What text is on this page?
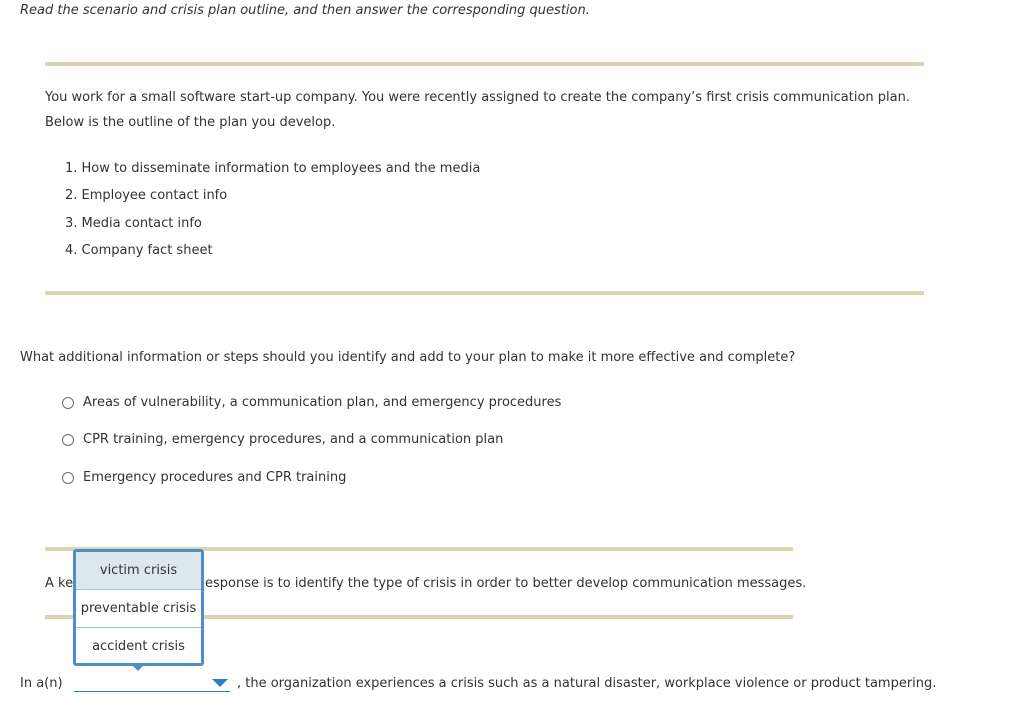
Read the scenario and crisis plan outline, and then answer the corresponding question.
You work for a small software start-up company. You were recently assigned to create the company’s first crisis communication plan.
Below is the outline of the plan you develop.
1. How to disseminate information to employees and the media
2. Employee contact info
3. Media contact info
4. Company fact sheet
What additional information or steps should you identify and add to your plan to make it more effective and complete?
Areas of vulnerability, a communication plan, and emergency procedures
CPR training, emergency procedures, and a communication plan
Emergency procedures and CPR training
A ke	esponse is to identify the type of crisis in order to better develop communication messages.
In a(n)	, the organization experiences a crisis such as a natural disaster, workplace violence or product tampering.
victim crisis
preventable crisis
accident crisis
